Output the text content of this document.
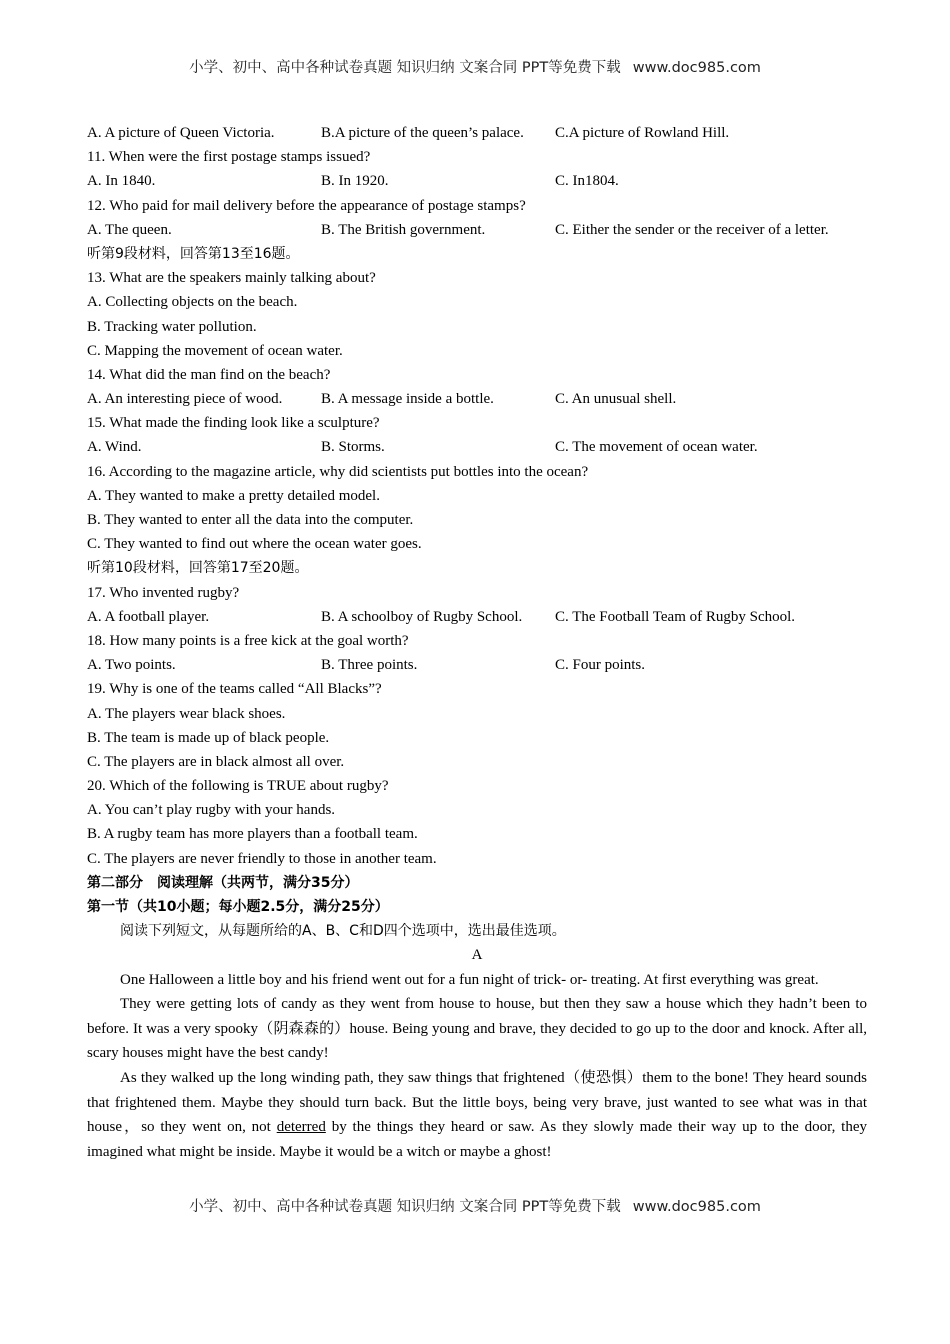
小学、初中、高中各种试卷真题 知识归纳 文案合同 PPT等免费下载 www.doc985.com
A. A picture of Queen Victoria.	B.A picture of the queen’s palace. C.A picture of Rowland Hill.
11. When were the first postage stamps issued?
A. In 1840.	B. In 1920.	C. In1804.
12. Who paid for mail delivery before the appearance of postage stamps?
A. The queen.	B. The British government.	C. Either the sender or the receiver of a letter.
听第9段材料，回答第13至16题。
13. What are the speakers mainly talking about?
A. Collecting objects on the beach.
B. Tracking water pollution.
C. Mapping the movement of ocean water.
14. What did the man find on the beach?
A. An interesting piece of wood.	B. A message inside a bottle.	C. An unusual shell.
15. What made the finding look like a sculpture?
A. Wind.	B. Storms.	C. The movement of ocean water.
16. According to the magazine article, why did scientists put bottles into the ocean?
A. They wanted to make a pretty detailed model.
B. They wanted to enter all the data into the computer.
C. They wanted to find out where the ocean water goes.
听第10段材料，回答第17至20题。
17. Who invented rugby?
A. A football player.	B. A schoolboy of Rugby School. C. The Football Team of Rugby School.
18. How many points is a free kick at the goal worth?
A. Two points.	B. Three points.	C. Four points.
19. Why is one of the teams called “All Blacks”?
A. The players wear black shoes.
B. The team is made up of black people.
C. The players are in black almost all over.
20. Which of the following is TRUE about rugby?
A. You can’t play rugby with your hands.
B. A rugby team has more players than a football team.
C. The players are never friendly to those in another team.
第二部分　阅读理解（共两节，满分35分）
第一节（共10小题；每小题2.5分，满分25分）
阅读下列短文，从每题所给的A、B、C和D四个选项中，选出最佳选项。
A
One Halloween a little boy and his friend went out for a fun night of trick- or- treating. At first everything was great.
They were getting lots of candy as they went from house to house, but then they saw a house which they hadn’t been to before. It was a very spooky（阴森森的）house. Being young and brave, they decided to go up to the door and knock. After all, scary houses might have the best candy!
As they walked up the long winding path, they saw things that frightened（使恐惧）them to the bone! They heard sounds that frightened them. Maybe they should turn back. But the little boys, being very brave, just wanted to see what was in that house，so they went on, not deterred by the things they heard or saw. As they slowly made their way up to the door, they imagined what might be inside. Maybe it would be a witch or maybe a ghost!
小学、初中、高中各种试卷真题 知识归纳 文案合同 PPT等免费下载 www.doc985.com
